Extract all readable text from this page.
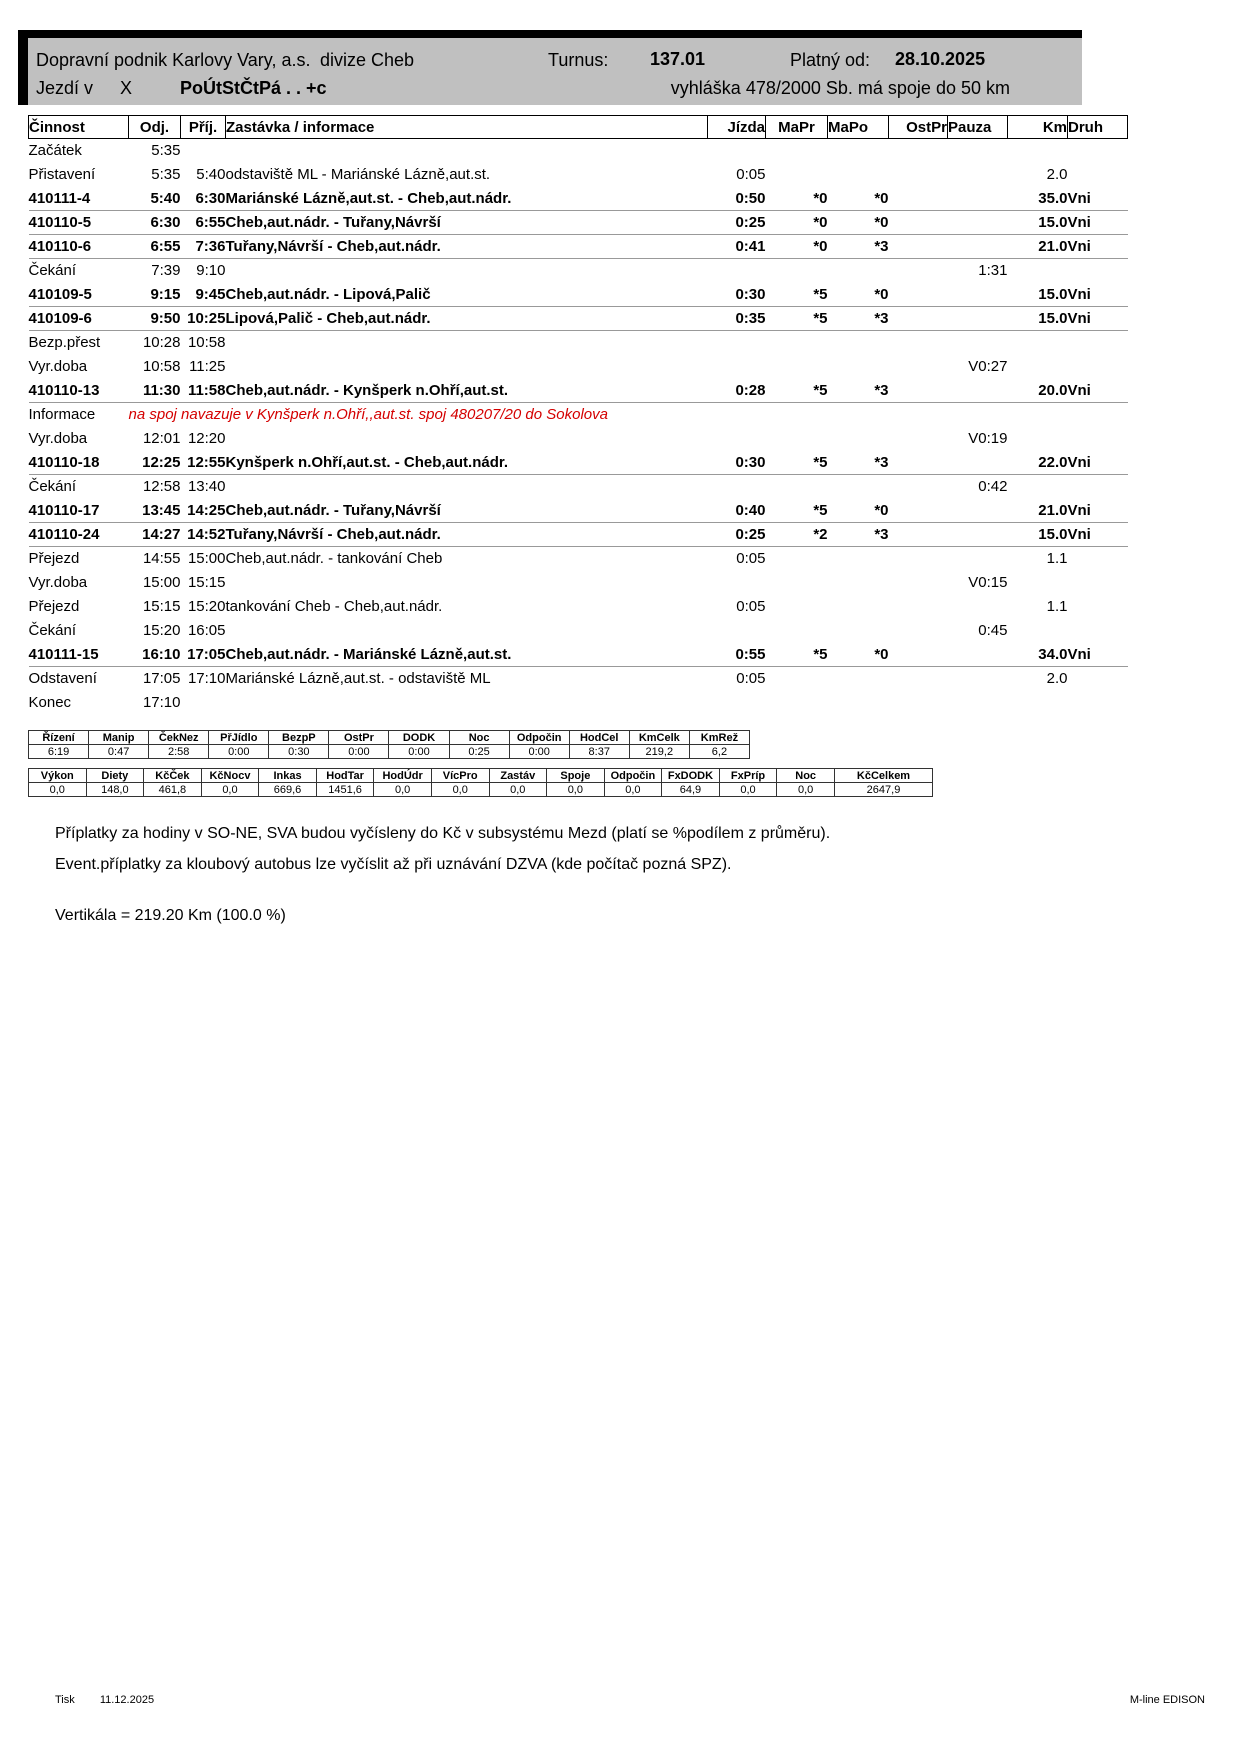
Dopravní podnik Karlovy Vary, a.s. divize Cheb	Turnus: 137.01	Platný od: 28.10.2025
Jezdí v X	PoÚtStČtPá . . +c	vyhláška 478/2000 Sb. má spoje do 50 km
Činnost	Odj.	Příj.	Zastávka / informace	Jízda	MaPr	MaPo	OstPr	Pauza	Km	Druh
Začátek	5:35									
Přistavení	5:35	5:40	odstaviště ML - Mariánské Lázně,aut.st.	0:05					2.0	
410111-4	5:40	6:30	Mariánské Lázně,aut.st. - Cheb,aut.nádr.	0:50	*0	*0			35.0	Vni
410110-5	6:30	6:55	Cheb,aut.nádr. - Tuřany,Návrší	0:25	*0	*0			15.0	Vni
410110-6	6:55	7:36	Tuřany,Návrší - Cheb,aut.nádr.	0:41	*0	*3			21.0	Vni
Čekání	7:39	9:10						1:31		
410109-5	9:15	9:45	Cheb,aut.nádr. - Lipová,Palič	0:30	*5	*0			15.0	Vni
410109-6	9:50	10:25	Lipová,Palič - Cheb,aut.nádr.	0:35	*5	*3			15.0	Vni
Bezp.přest	10:28	10:58								
Vyr.doba	10:58	11:25						V0:27		
410110-13	11:30	11:58	Cheb,aut.nádr. - Kynšperk n.Ohří,aut.st.	0:28	*5	*3			20.0	Vni
Informace	na spoj navazuje v Kynšperk n.Ohří,,aut.st. spoj 480207/20 do Sokolova									
Vyr.doba	12:01	12:20						V0:19		
410110-18	12:25	12:55	Kynšperk n.Ohří,aut.st. - Cheb,aut.nádr.	0:30	*5	*3			22.0	Vni
Čekání	12:58	13:40						0:42		
410110-17	13:45	14:25	Cheb,aut.nádr. - Tuřany,Návrší	0:40	*5	*0			21.0	Vni
410110-24	14:27	14:52	Tuřany,Návrší - Cheb,aut.nádr.	0:25	*2	*3			15.0	Vni
Přejezd	14:55	15:00	Cheb,aut.nádr. - tankování Cheb	0:05					1.1	
Vyr.doba	15:00	15:15						V0:15		
Přejezd	15:15	15:20	tankování Cheb - Cheb,aut.nádr.	0:05					1.1	
Čekání	15:20	16:05						0:45		
410111-15	16:10	17:05	Cheb,aut.nádr. - Mariánské Lázně,aut.st.	0:55	*5	*0			34.0	Vni
Odstavení	17:05	17:10	Mariánské Lázně,aut.st. - odstaviště ML	0:05					2.0	
Konec	17:10									
Řízení	Manip	ČekNez	PřJídlo	BezpP	OstPr	DODK	Noc	Odpočin	HodCel	KmCelk	KmRež
6:19	0:47	2:58	0:00	0:30	0:00	0:00	0:25	0:00	8:37	219,2	6,2
Výkon	Diety	KčČek	KčNocv	Inkas	HodTar	HodÚdr	VícPro	Zastáv	Spoje	Odpočin	FxDODK	FxPríp	Noc	KčCelkem
0,0	148,0	461,8	0,0	669,6	1451,6	0,0	0,0	0,0	0,0	0,0	64,9	0,0	0,0	2647,9
Příplatky za hodiny v SO-NE, SVA budou vyčísleny do Kč v subsystému Mezd (platí se %podílem z průměru).
Event.příplatky za kloubový autobus lze vyčíslit až při uznávání DZVA (kde počítač pozná SPZ).
Vertikála = 219.20 Km (100.0 %)
Tisk 11.12.2025	M-line EDISON
